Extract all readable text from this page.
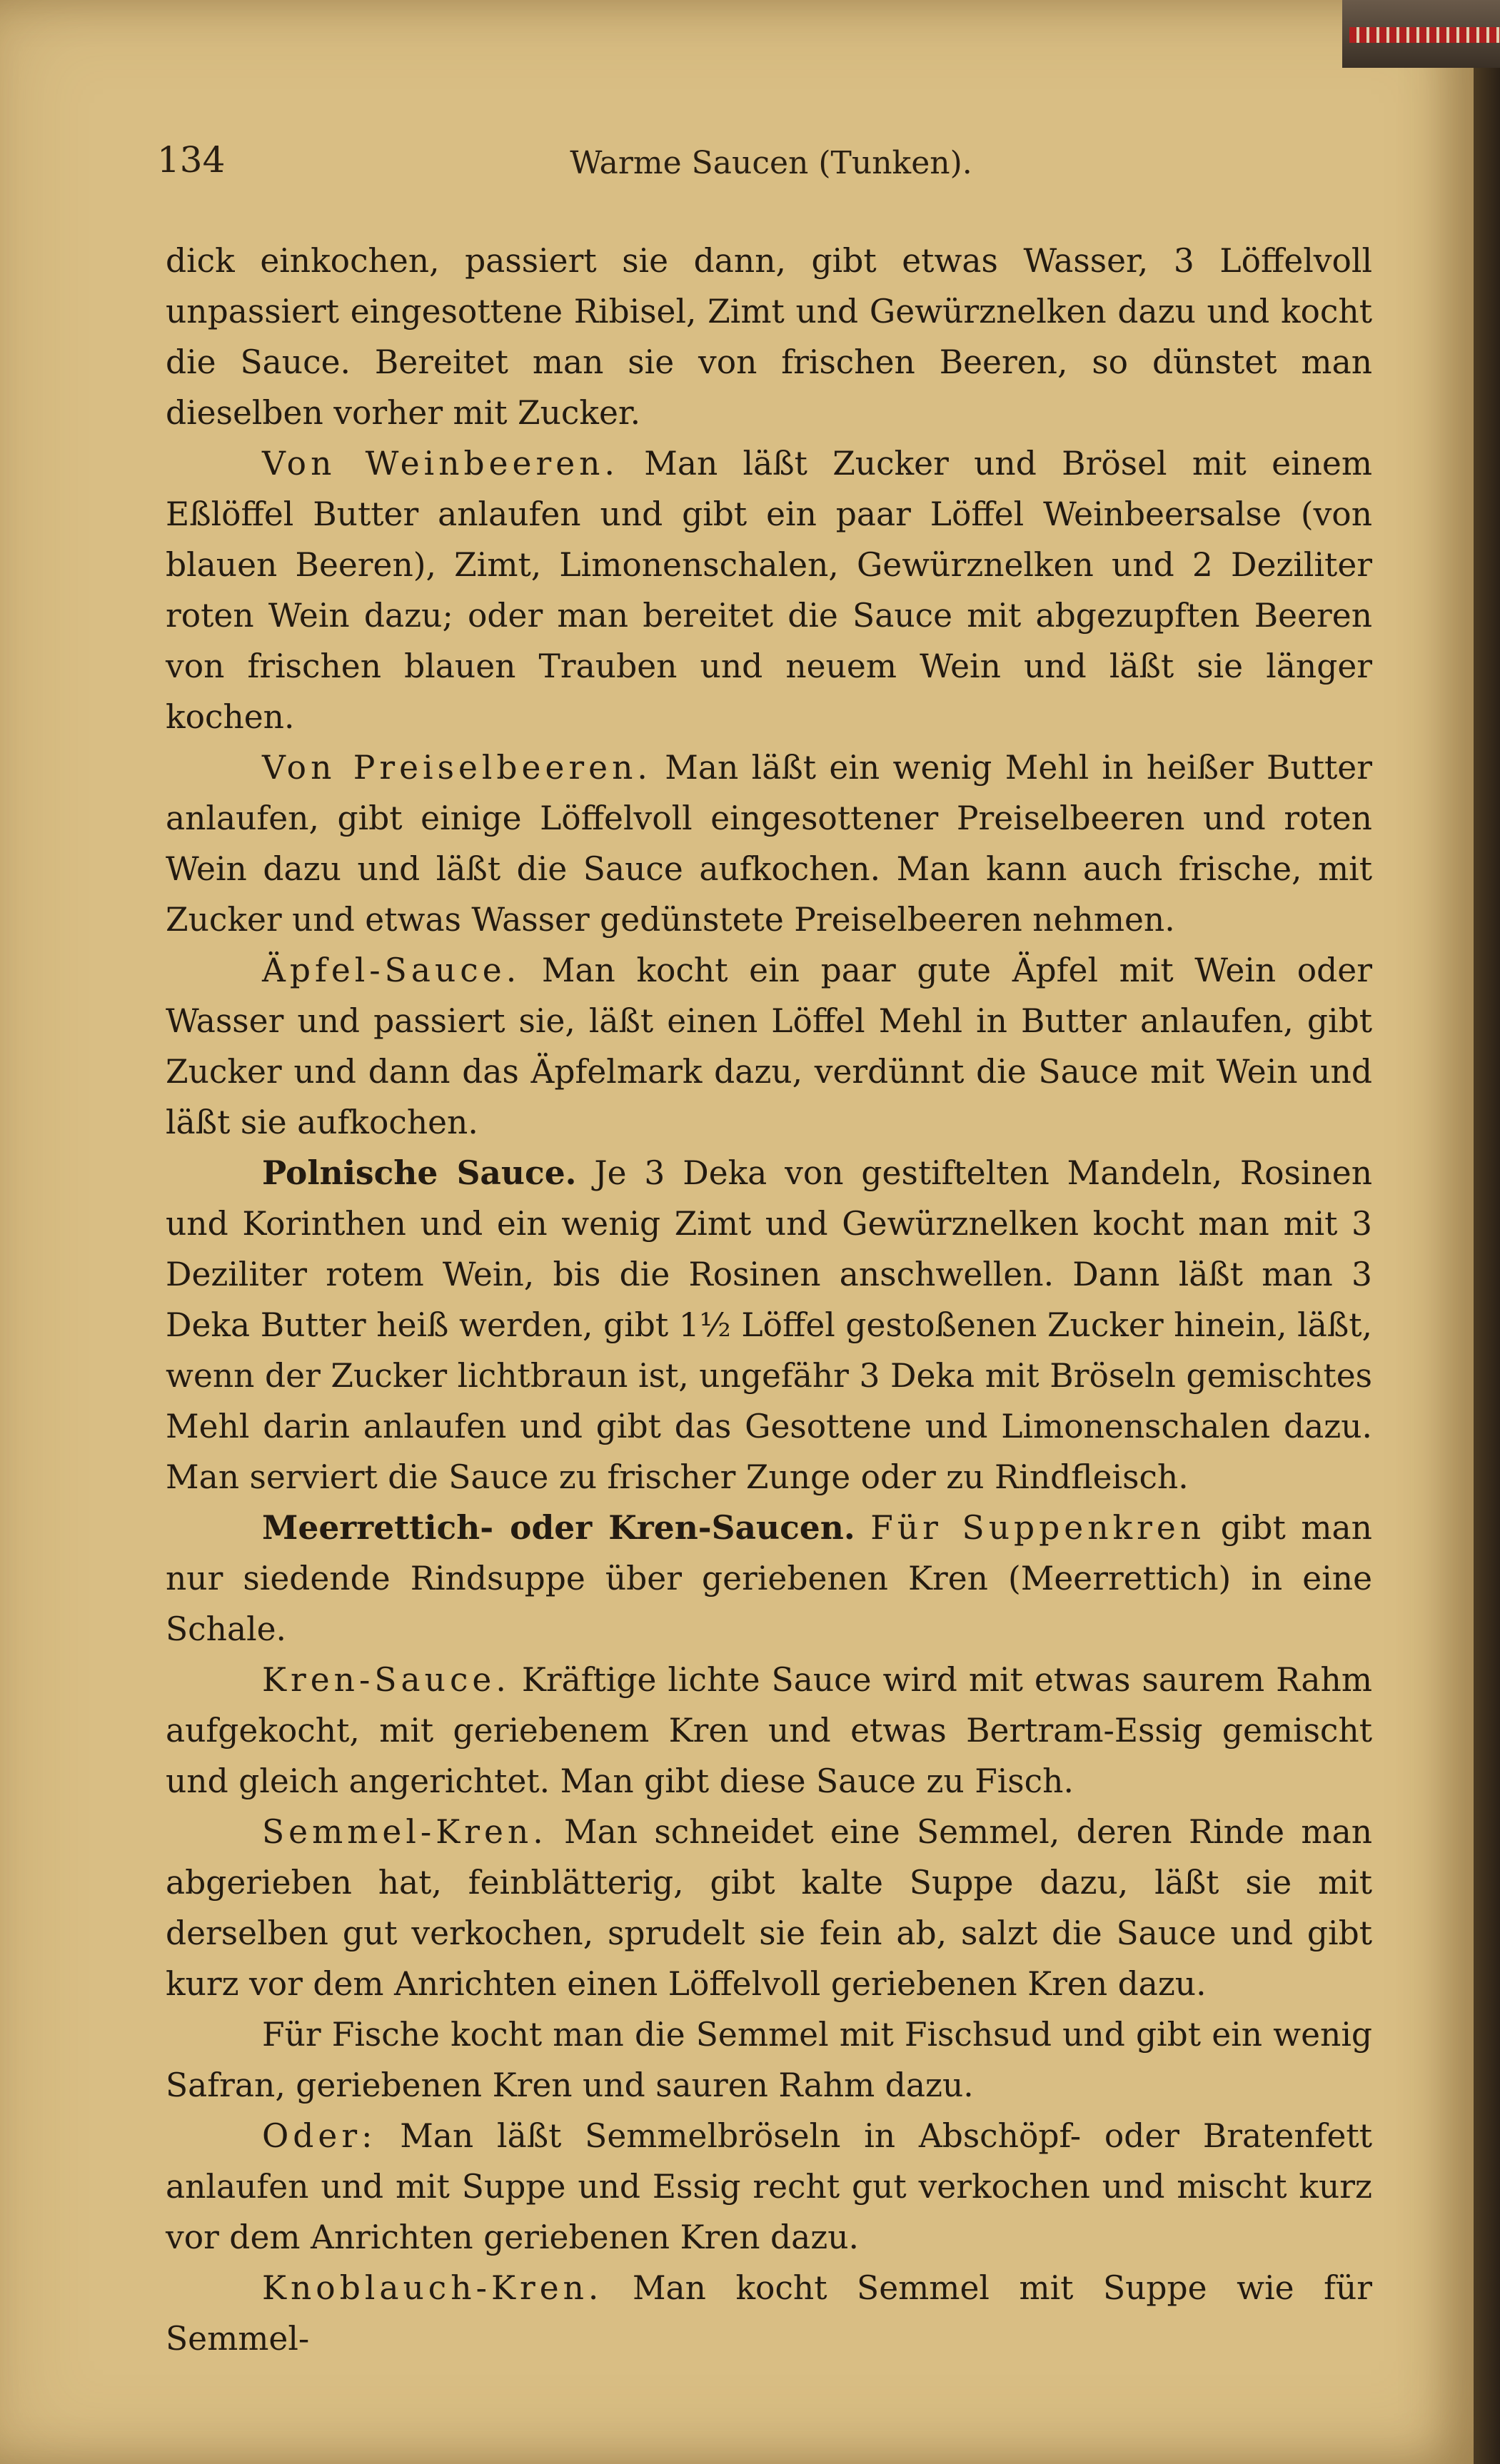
134	Warme Saucen (Tunken).

dick einkochen, passiert sie dann, gibt etwas Wasser, 3 Löffelvoll unpassiert eingesottene Ribisel, Zimt und Gewürznelken dazu und kocht die Sauce. Bereitet man sie von frischen Beeren, so dünstet man dieselben vorher mit Zucker.

Von Weinbeeren. Man läßt Zucker und Brösel mit einem Eßlöffel Butter anlaufen und gibt ein paar Löffel Weinbeersalse (von blauen Beeren), Zimt, Limonenschalen, Gewürznelken und 2 Deziliter roten Wein dazu; oder man bereitet die Sauce mit abgezupften Beeren von frischen blauen Trauben und neuem Wein und läßt sie länger kochen.

Von Preiselbeeren. Man läßt ein wenig Mehl in heißer Butter anlaufen, gibt einige Löffelvoll eingesottener Preiselbeeren und roten Wein dazu und läßt die Sauce aufkochen. Man kann auch frische, mit Zucker und etwas Wasser gedünstete Preiselbeeren nehmen.

Äpfel-Sauce. Man kocht ein paar gute Äpfel mit Wein oder Wasser und passiert sie, läßt einen Löffel Mehl in Butter anlaufen, gibt Zucker und dann das Äpfelmark dazu, verdünnt die Sauce mit Wein und läßt sie aufkochen.

Polnische Sauce. Je 3 Deka von gestiftelten Mandeln, Rosinen und Korinthen und ein wenig Zimt und Gewürznelken kocht man mit 3 Deziliter rotem Wein, bis die Rosinen anschwellen. Dann läßt man 3 Deka Butter heiß werden, gibt 1½ Löffel gestoßenen Zucker hinein, läßt, wenn der Zucker lichtbraun ist, ungefähr 3 Deka mit Bröseln gemischtes Mehl darin anlaufen und gibt das Gesottene und Limonenschalen dazu. Man serviert die Sauce zu frischer Zunge oder zu Rindfleisch.

Meerrettich- oder Kren-Saucen. Für Suppenkren gibt man nur siedende Rindsuppe über geriebenen Kren (Meerrettich) in eine Schale.

Kren-Sauce. Kräftige lichte Sauce wird mit etwas saurem Rahm aufgekocht, mit geriebenem Kren und etwas Bertram-Essig gemischt und gleich angerichtet. Man gibt diese Sauce zu Fisch.

Semmel-Kren. Man schneidet eine Semmel, deren Rinde man abgerieben hat, feinblätterig, gibt kalte Suppe dazu, läßt sie mit derselben gut verkochen, sprudelt sie fein ab, salzt die Sauce und gibt kurz vor dem Anrichten einen Löffelvoll geriebenen Kren dazu.

Für Fische kocht man die Semmel mit Fischsud und gibt ein wenig Safran, geriebenen Kren und sauren Rahm dazu.

Oder: Man läßt Semmelbröseln in Abschöpf- oder Bratenfett anlaufen und mit Suppe und Essig recht gut verkochen und mischt kurz vor dem Anrichten geriebenen Kren dazu.

Knoblauch-Kren. Man kocht Semmel mit Suppe wie für Semmel-
